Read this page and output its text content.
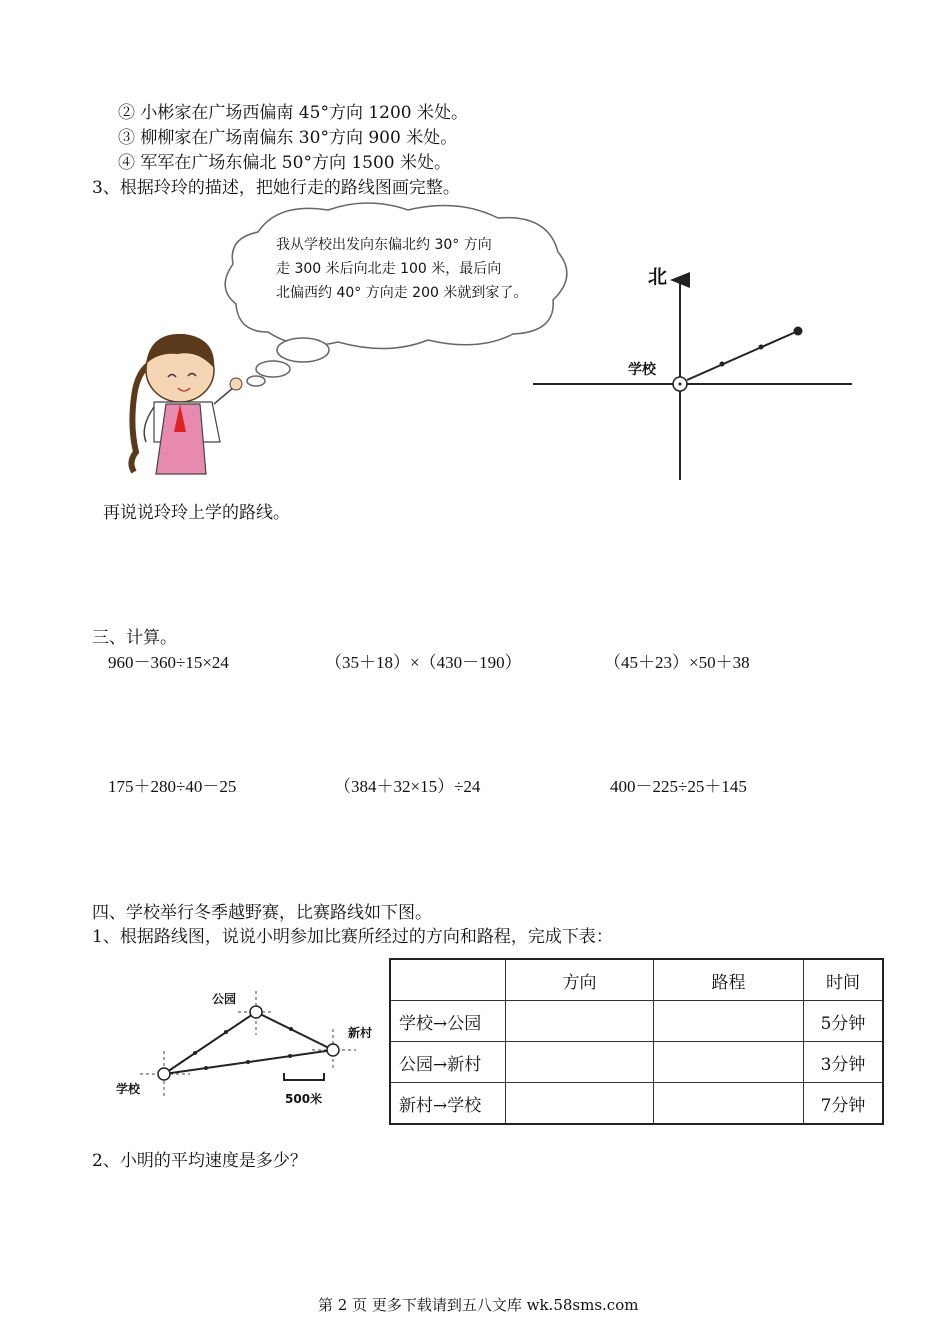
② 小彬家在广场西偏南 45°方向 1200 米处。
③ 柳柳家在广场南偏东 30°方向 900 米处。
④ 军军在广场东偏北 50°方向 1500 米处。
3、根据玲玲的描述，把她行走的路线图画完整。
我从学校出发向东偏北约 30° 方向
走 300 米后向北走 100 米，最后向
北偏西约 40° 方向走 200 米就到家了。
北
学校
再说说玲玲上学的路线。
三、计算。
960－360÷15×24	（35＋18）×（430－190）	（45＋23）×50＋38
175＋280÷40－25	（384＋32×15）÷24	400－225÷25＋145
四、学校举行冬季越野赛，比赛路线如下图。
1、根据路线图，说说小明参加比赛所经过的方向和路程，完成下表：
公园
新村
学校
500米
	方向	路程	时间
学校→公园			5分钟
公园→新村			3分钟
新村→学校			7分钟
2、小明的平均速度是多少？
第 2 页 更多下载请到五八文库 wk.58sms.com
